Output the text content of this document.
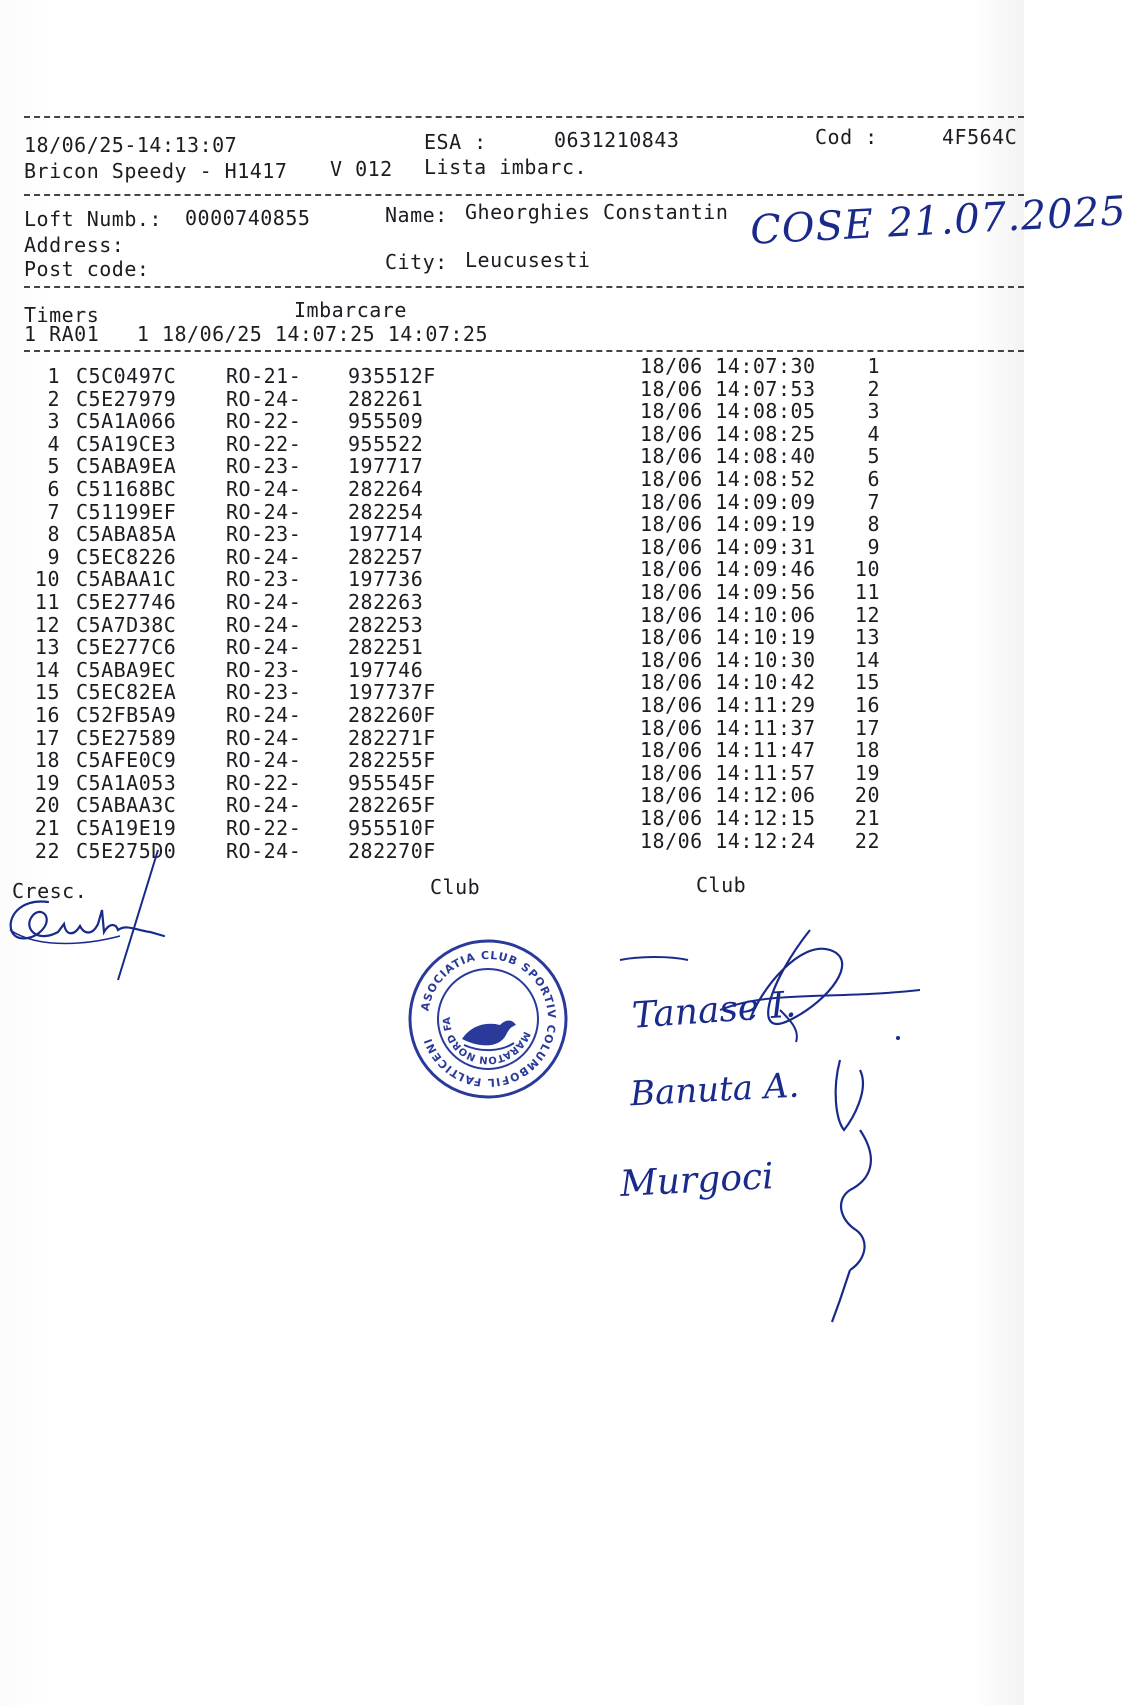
18/06/25-14:13:07	ESA :	0631210843	Cod :	4F564C
Bricon Speedy - H1417 V 012 Lista imbarc.
Loft Numb.: 0000740855	Name: Gheorghies Constantin
Address:
Post code:	City: Leucusesti
COSE 21.07.2025
Timers	Imbarcare
1 RA01   1 18/06/25 14:07:25 14:07:25
1 C5C0497C RO-21- 935512F	18/06 14:07:30	1
2 C5E27979 RO-24- 282261	18/06 14:07:53	2
3 C5A1A066 RO-22- 955509	18/06 14:08:05	3
4 C5A19CE3 RO-22- 955522	18/06 14:08:25	4
5 C5ABA9EA RO-23- 197717	18/06 14:08:40	5
6 C51168BC RO-24- 282264	18/06 14:08:52	6
7 C51199EF RO-24- 282254	18/06 14:09:09	7
8 C5ABA85A RO-23- 197714	18/06 14:09:19	8
9 C5EC8226 RO-24- 282257	18/06 14:09:31	9
10 C5ABAA1C RO-23- 197736	18/06 14:09:46 10
11 C5E27746 RO-24- 282263	18/06 14:09:56 11
12 C5A7D38C RO-24- 282253	18/06 14:10:06 12
13 C5E277C6 RO-24- 282251	18/06 14:10:19 13
14 C5ABA9EC RO-23- 197746	18/06 14:10:30 14
15 C5EC82EA RO-23- 197737F	18/06 14:10:42 15
16 C52FB5A9 RO-24- 282260F	18/06 14:11:29 16
17 C5E27589 RO-24- 282271F	18/06 14:11:37 17
18 C5AFE0C9 RO-24- 282255F	18/06 14:11:47 18
19 C5A1A053 RO-22- 955545F	18/06 14:11:57 19
20 C5ABAA3C RO-24- 282265F	18/06 14:12:06 20
21 C5A19E19 RO-22- 955510F	18/06 14:12:15 21
22 C5E275D0 RO-24- 282270F	18/06 14:12:24 22
Cresc.	Club	Club
ASOCIATIA CLUB SPORTIV COLUMBOFIL FALTICENI	MARATON NORD FALTICENI
Tanase I.
Banuta A.
Murgoci
